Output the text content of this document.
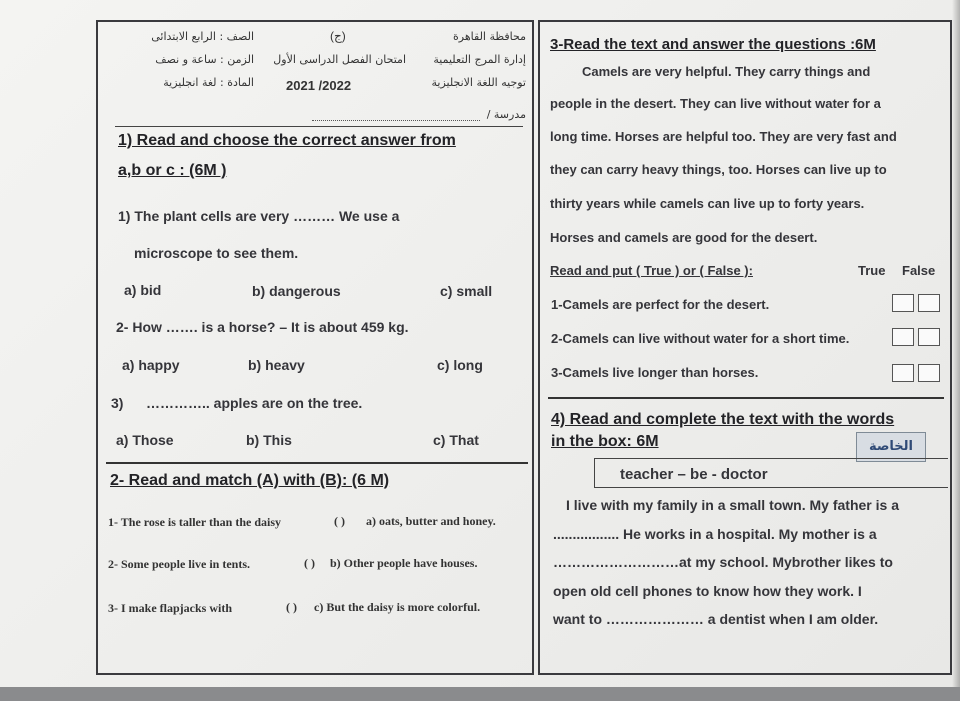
الصف : الرابع الابتدائى
الزمن : ساعة و نصف
المادة : لغة انجليزية
(ج)
امتحان الفصل الدراسى الأول
2021 /2022
محافظة القاهرة
إدارة المرج التعليمية
توجيه اللغة الانجليزية
مدرسة /
1) Read and choose the correct answer from
a,b or c : (6M )
1) The plant cells are very ……… We use a
microscope to see them.
a) bid	b) dangerous	c) small
2- How ……. is a horse? – It is about 459 kg.
a) happy	b) heavy	c) long
3) ………….. apples are on the tree.
a) Those	b) This	c) That
2- Read and match (A) with (B): (6 M)
1- The rose is taller than the daisy	( ) a) oats, butter and honey.
2- Some people live in tents.	( ) b) Other people have houses.
3- I make flapjacks with	( ) c) But the daisy is more colorful.
3-Read the text and answer the questions :6M
Camels are very helpful. They carry things and
people in the desert. They can live without water for a
long time. Horses are helpful too. They are very fast and
they can carry heavy things, too. Horses can live up to
thirty years while camels can live up to forty years.
Horses and camels are good for the desert.
Read and put ( True ) or ( False ):	True False
1-Camels are perfect for the desert.
2-Camels can live without water for a short time.
3-Camels live longer than horses.
4) Read and complete the text with the words
in the box: 6M	الخاصة
teacher – be - doctor
I live with my family in a small town. My father is a
................. He works in a hospital. My mother is a
………………………at my school. Mybrother likes to
open old cell phones to know how they work. I
want to ………………… a dentist when I am older.
